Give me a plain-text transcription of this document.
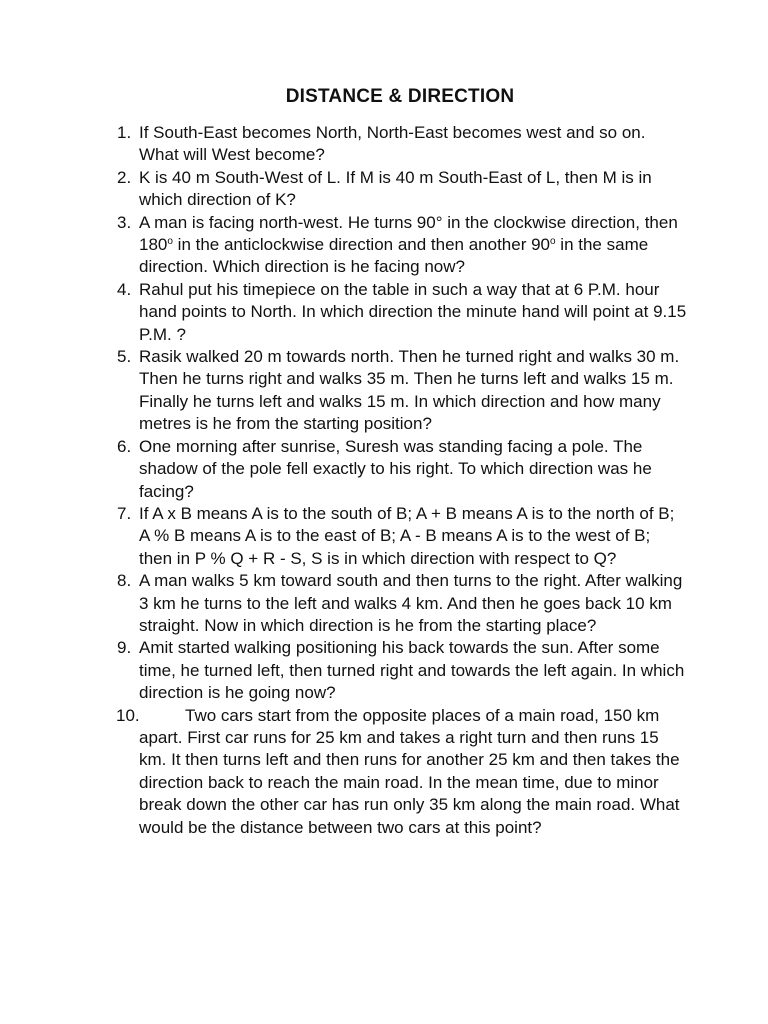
DISTANCE & DIRECTION
1. If South-East becomes North, North-East becomes west and so on. What will West become?
2. K is 40 m South-West of L. If M is 40 m South-East of L, then M is in which direction of K?
3. A man is facing north-west. He turns 90° in the clockwise direction, then 180$^o$ in the anticlockwise direction and then another 90$^o$ in the same direction. Which direction is he facing now?
4. Rahul put his timepiece on the table in such a way that at 6 P.M. hour hand points to North. In which direction the minute hand will point at 9.15 P.M. ?
5. Rasik walked 20 m towards north. Then he turned right and walks 30 m. Then he turns right and walks 35 m. Then he turns left and walks 15 m. Finally he turns left and walks 15 m. In which direction and how many metres is he from the starting position?
6. One morning after sunrise, Suresh was standing facing a pole. The shadow of the pole fell exactly to his right. To which direction was he facing?
7. If A x B means A is to the south of B; A + B means A is to the north of B; A % B means A is to the east of B; A - B means A is to the west of B; then in P % Q + R - S, S is in which direction with respect to Q?
8. A man walks 5 km toward south and then turns to the right. After walking 3 km he turns to the left and walks 4 km. And then he goes back 10 km straight. Now in which direction is he from the starting place?
9. Amit started walking positioning his back towards the sun. After some time, he turned left, then turned right and towards the left again. In which direction is he going now?
10.	Two cars start from the opposite places of a main road, 150 km apart. First car runs for 25 km and takes a right turn and then runs 15 km. It then turns left and then runs for another 25 km and then takes the direction back to reach the main road. In the mean time, due to minor break down the other car has run only 35 km along the main road. What would be the distance between two cars at this point?
